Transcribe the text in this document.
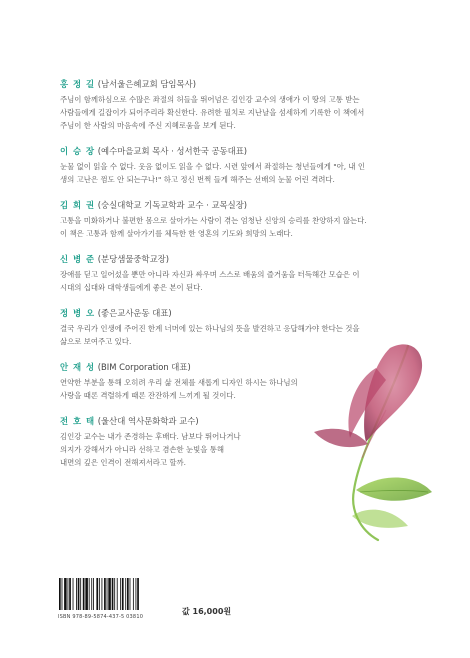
홍 정 길 (남서울은혜교회 담임목사)
주님이 함께하심으로 수많은 좌절의 허들을 뛰어넘은 김인강 교수의 생애가 이 땅의 고통 받는
사람들에게 길잡이가 되어주리라 확신한다. 유려한 필치로 지난날을 섬세하게 기록한 이 책에서
주님이 한 사람의 마음속에 주신 지혜로움을 보게 된다.
이 승 장 (예수마을교회 목사 · 성서한국 공동대표)
눈물 없이 읽을 수 없다. 웃음 없이도 읽을 수 없다. 시련 앞에서 좌절하는 청년들에게 "아, 내 인
생의 고난은 껌도 안 되는구나!" 하고 정신 번쩍 들게 해주는 선배의 눈물 어린 격려다.
김 회 권 (숭실대학교 기독교학과 교수 · 교목실장)
고통을 미화하거나 불편한 몸으로 살아가는 사람이 겪는 엄청난 신앙의 승리를 찬양하지 않는다.
이 책은 고통과 함께 살아가기를 체득한 한 영혼의 기도와 희망의 노래다.
신 병 준 (분당샘물중학교장)
장애를 딛고 일어섰을 뿐만 아니라 자신과 싸우며 스스로 배움의 즐거움을 터득해간 모습은 이
시대의 십대와 대학생들에게 좋은 본이 된다.
정 병 오 (좋은교사운동 대표)
결국 우리가 인생에 주어진 한계 너머에 있는 하나님의 뜻을 발견하고 응답해가야 한다는 것을
삶으로 보여주고 있다.
안 재 성 (BIM Corporation 대표)
연약한 부분을 통해 오히려 우리 삶 전체를 새롭게 디자인 하시는 하나님의
사랑을 때론 격렬하게 때론 잔잔하게 느끼게 될 것이다.
전 호 태 (울산대 역사문화학과 교수)
김인강 교수는 내가 존경하는 후배다. 남보다 뛰어나거나
의지가 강해서가 아니라 선하고 겸손한 눈빛을 통해
내면의 깊은 인격이 전해져서라고 할까.
ISBN 978-89-5874-437-5 03810
값 16,000원
